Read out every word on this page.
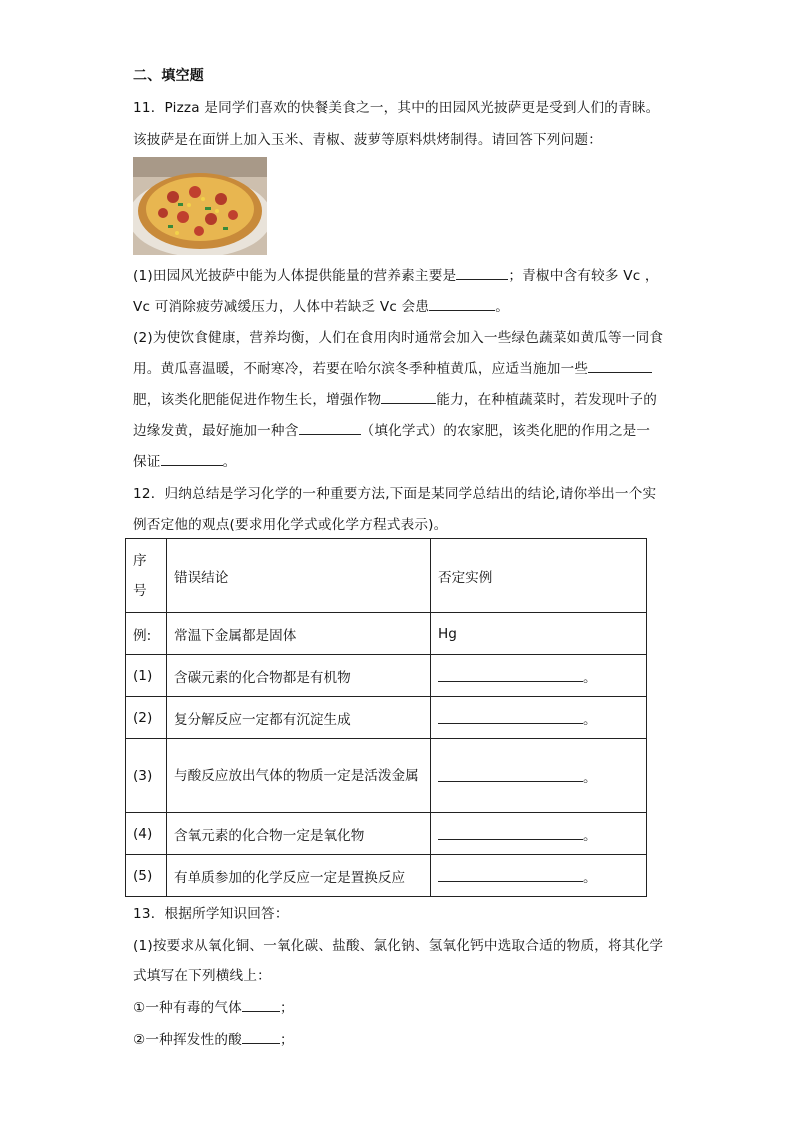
二、填空题
11．Pizza 是同学们喜欢的快餐美食之一，其中的田园风光披萨更是受到人们的青睐。
该披萨是在面饼上加入玉米、青椒、菠萝等原料烘烤制得。请回答下列问题：
(1)田园风光披萨中能为人体提供能量的营养素主要是	；青椒中含有较多 Vc ，
Vc 可消除疲劳减缓压力，人体中若缺乏 Vc 会患	。
(2)为使饮食健康，营养均衡，人们在食用肉时通常会加入一些绿色蔬菜如黄瓜等一同食
用。黄瓜喜温暖，不耐寒冷，若要在哈尔滨冬季种植黄瓜，应适当施加一些
肥，该类化肥能促进作物生长，增强作物	能力，在种植蔬菜时，若发现叶子的
边缘发黄，最好施加一种含	（填化学式）的农家肥，该类化肥的作用之是一
保证	。
12．归纳总结是学习化学的一种重要方法,下面是某同学总结出的结论,请你举出一个实
例否定他的观点(要求用化学式或化学方程式表示)。
序
号	错误结论	否定实例
例:	常温下金属都是固体	Hg
(1)	含碳元素的化合物都是有机物	。
(2)	复分解反应一定都有沉淀生成	。
(3)	与酸反应放出气体的物质一定是活泼金属	。
(4)	含氧元素的化合物一定是氧化物	。
(5)	有单质参加的化学反应一定是置换反应	。
13．根据所学知识回答：
(1)按要求从氧化铜、一氧化碳、盐酸、氯化钠、氢氧化钙中选取合适的物质，将其化学
式填写在下列横线上：
①一种有毒的气体	；
②一种挥发性的酸	；
